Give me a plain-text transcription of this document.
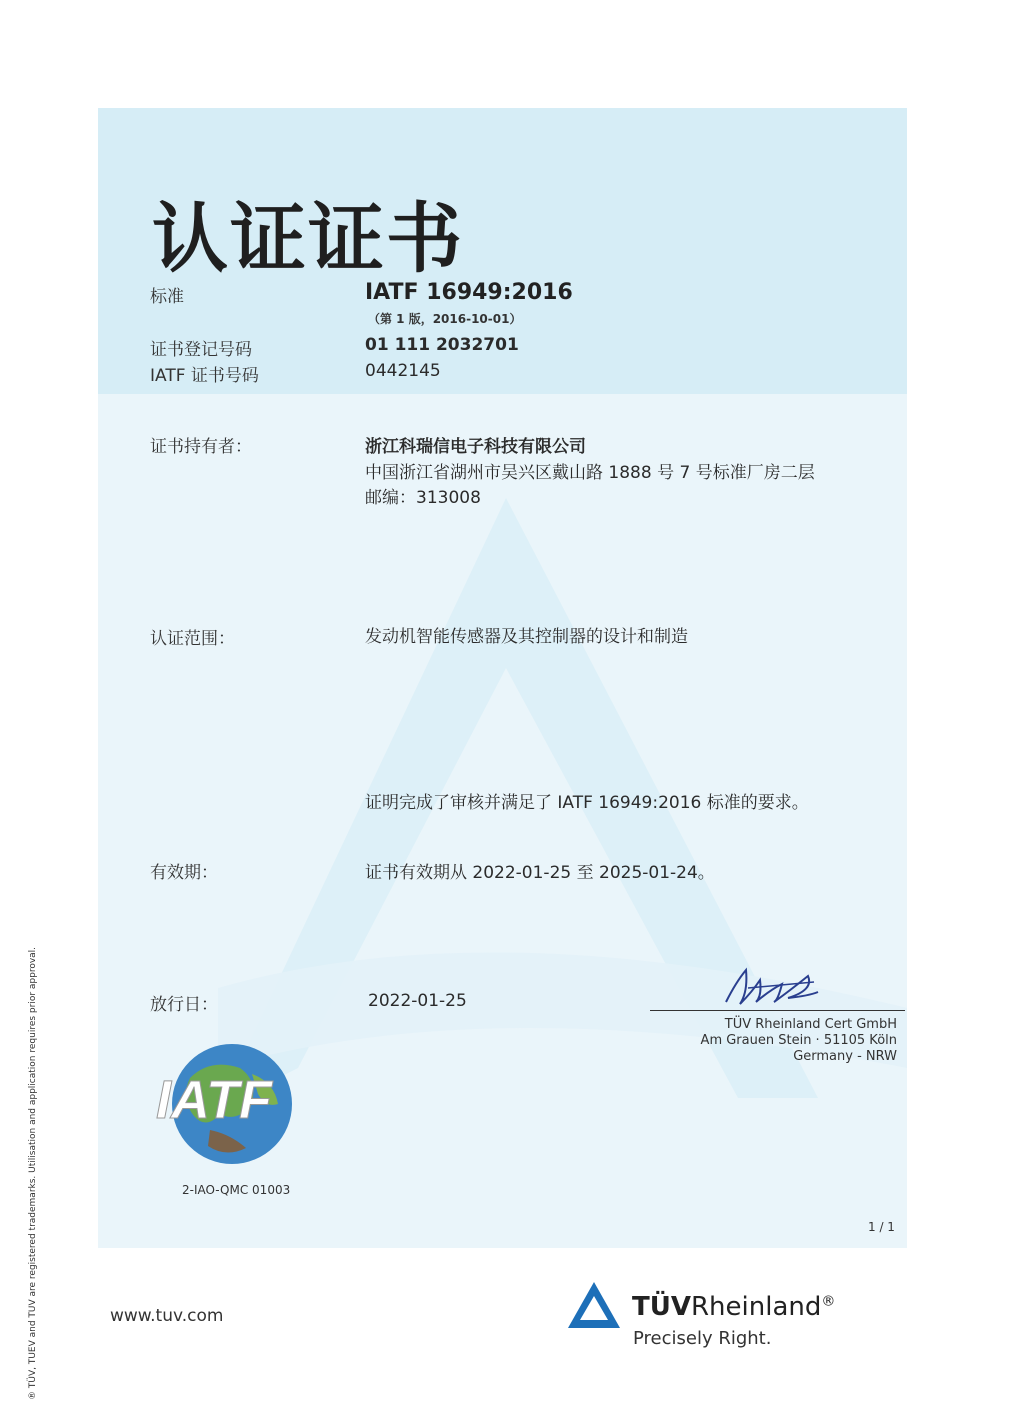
认证证书
标准	IATF 16949:2016
（第 1 版，2016-10-01）
证书登记号码	01 111 2032701
IATF 证书号码	0442145
证书持有者：	浙江科瑞信电子科技有限公司
中国浙江省湖州市吴兴区戴山路 1888 号 7 号标准厂房二层
邮编：313008
认证范围：	发动机智能传感器及其控制器的设计和制造
证明完成了审核并满足了 IATF 16949:2016 标准的要求。
有效期：	证书有效期从 2022-01-25 至 2025-01-24。
放行日：	2022-01-25
TÜV Rheinland Cert GmbH
Am Grauen Stein · 51105 Köln
Germany - NRW
IATF
2-IAO-QMC 01003
1 / 1
® TÜV, TUEV and TUV are registered trademarks. Utilisation and application requires prior approval.	www.tuv.com	TÜVRheinland®
Precisely Right.
